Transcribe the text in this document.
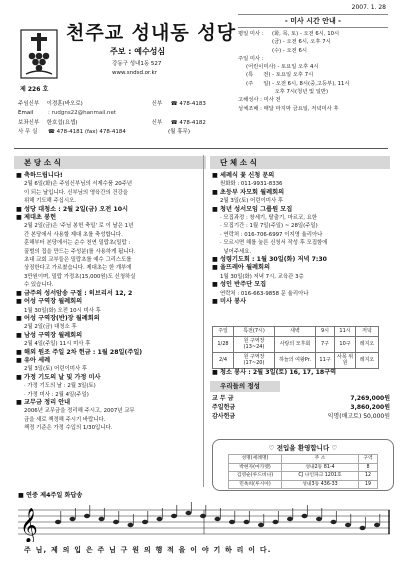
2007. 1. 28
천주교 성내동 성당
제 226 호
주보 : 예수성심
강동구 성내1동 527
www.sndsd.or.kr
주임신부	이경훈(바오로)	신부	☎ 478-4183
Email	: rudgns22@hanmail.net
보좌신부	한호섭(요셉)	신부	☎ 478-4182
사 무 실	☎ 478-4181 (fax) 478-4184	(월 휴무)
- 미사 시간 안내 -
평일 미사 :	(화, 목, 토) - 오전 6시, 10시
(금) - 오전 6시, 오후 7시
(수) - 오전 6시
주일 미사 :
(어린이미사) - 토요일 오후 4시
(특      전) - 토요일 오후 7시
(주      일) - 오전 6시, 8시(중,고등부), 11시
오후 7시(청년 및 일반)
고해성사 : 미사 전
성체조배 : 매달 마지막 금요일, 저녁미사 후
본 당 소 식
■ 축하드립니다!
2월 6일(화)은 주임신부님의 서제수품 20주년
이 되는 날입니다. 신부님의 영육간의 건강을
위해 기도해 주십시오.
■ 성당 대청소 : 2월 2일(금) 오전 10시
■ 제대초 봉헌
2월 2일(금)은 '주님 봉헌 축일' 로 이 날은 1년
간 본당에서 사용할 제대 초를 축성합니다.
훈해부터 본당에서는 순수 천연 밀랍초(밀랍 :
꿀벌의 집을 만드는 주성분)를 사용하게 됩니다.
초대 교회 교부들은 밀랍초를 예수 그리스도를
상징한다고 가르쳤습니다. 제대초는 한 개부에
3만원이며, 밀랍 가정초(15,000원)도 신청하실
수 있습니다.
■ 금주의 성서암송 구절 : 히브리서 12, 2
■ 어성 구역장 월례회의
1월 30일(화) 오전 10시 미사 후
■ 어성 구역장(반)장 월례회의
2월 2일(금) 대청소 후
■ 남성 구역장 월례회의
2월 4일(주일) 11시 미사 후
■ 해외 원조 주일 2차 헌금 : 1월 28일(주일)
■ 유아 세례
2월 3일(토) 어린이미사 후
■ 가정 기도의 날 및 가정 미사
· 가정 기도의 날 : 2월 3일(토)
· 가정 미사 : 2월 4일(주일)
■ 교무금 정리 안내
2006년 교무금을 정리해 주시고, 2007년 교무
금을 새로 책정해 주시기 바랍니다.
책정 기준은 가정 수입의 1/30입니다.
단 체 소 식
■ 세례식 꽃 신청 문의
원화화 : 011-9931-8336
■ 초등부 자모회 월례회의
2월 3일(토) 어린이미사 후
■ 청년 성서모임 그룹원 모집
· 모집과정 : 창세기, 탈출기, 마르코, 요한
· 모집기간 : 1월 7일(주일) ~ 28일(주일)
· 연락처 : 016-706-6997 이지영 율리아나
· 모르시면 해를 눌른 신청서 작성 후 모집함에
넣어주세요.
■ 성령기도회 : 1월 30일(화) 저녁 7:30
■ 울뜨레아 월례회의
1월 30일(화) 저녁 7시, 교육관 3층
■ 성인 반주단 모집
연락처 : 016-663-9858 문 율리아나
■ 미사 봉사
주일	특전(7시)	새벽	9시	11시	저녁
1/28	원 구역장 (13~24)	사랑의 모후회	7구	10구	레지오
2/4	원 구역장 (17~20)	하늘의 여왕Pr.	11구	사목 위원	레지오
■ 청소 봉사 : 2월 3일(토) 16, 17, 18구역
우리들의 정성
교 무 금	7,269,000원
주일헌금	3,860,200원
감사헌금	익명(배고토) 50,000원
♡ 전입을 환영합니다 ♡
성명(세례명)	주 소	구역
박현자(마가렛)	성내2동 81-4	8
김영순(루드비나)	CJ 나인파크 1201호	12
민옥희(루시아)	성내3동 436-33	19
■ 연중 제4주일 화답송
𝄞
주 님, 제 의 입 은 주 님 구 원 의 행 적 을 이 야 기 하 리 이 다.
